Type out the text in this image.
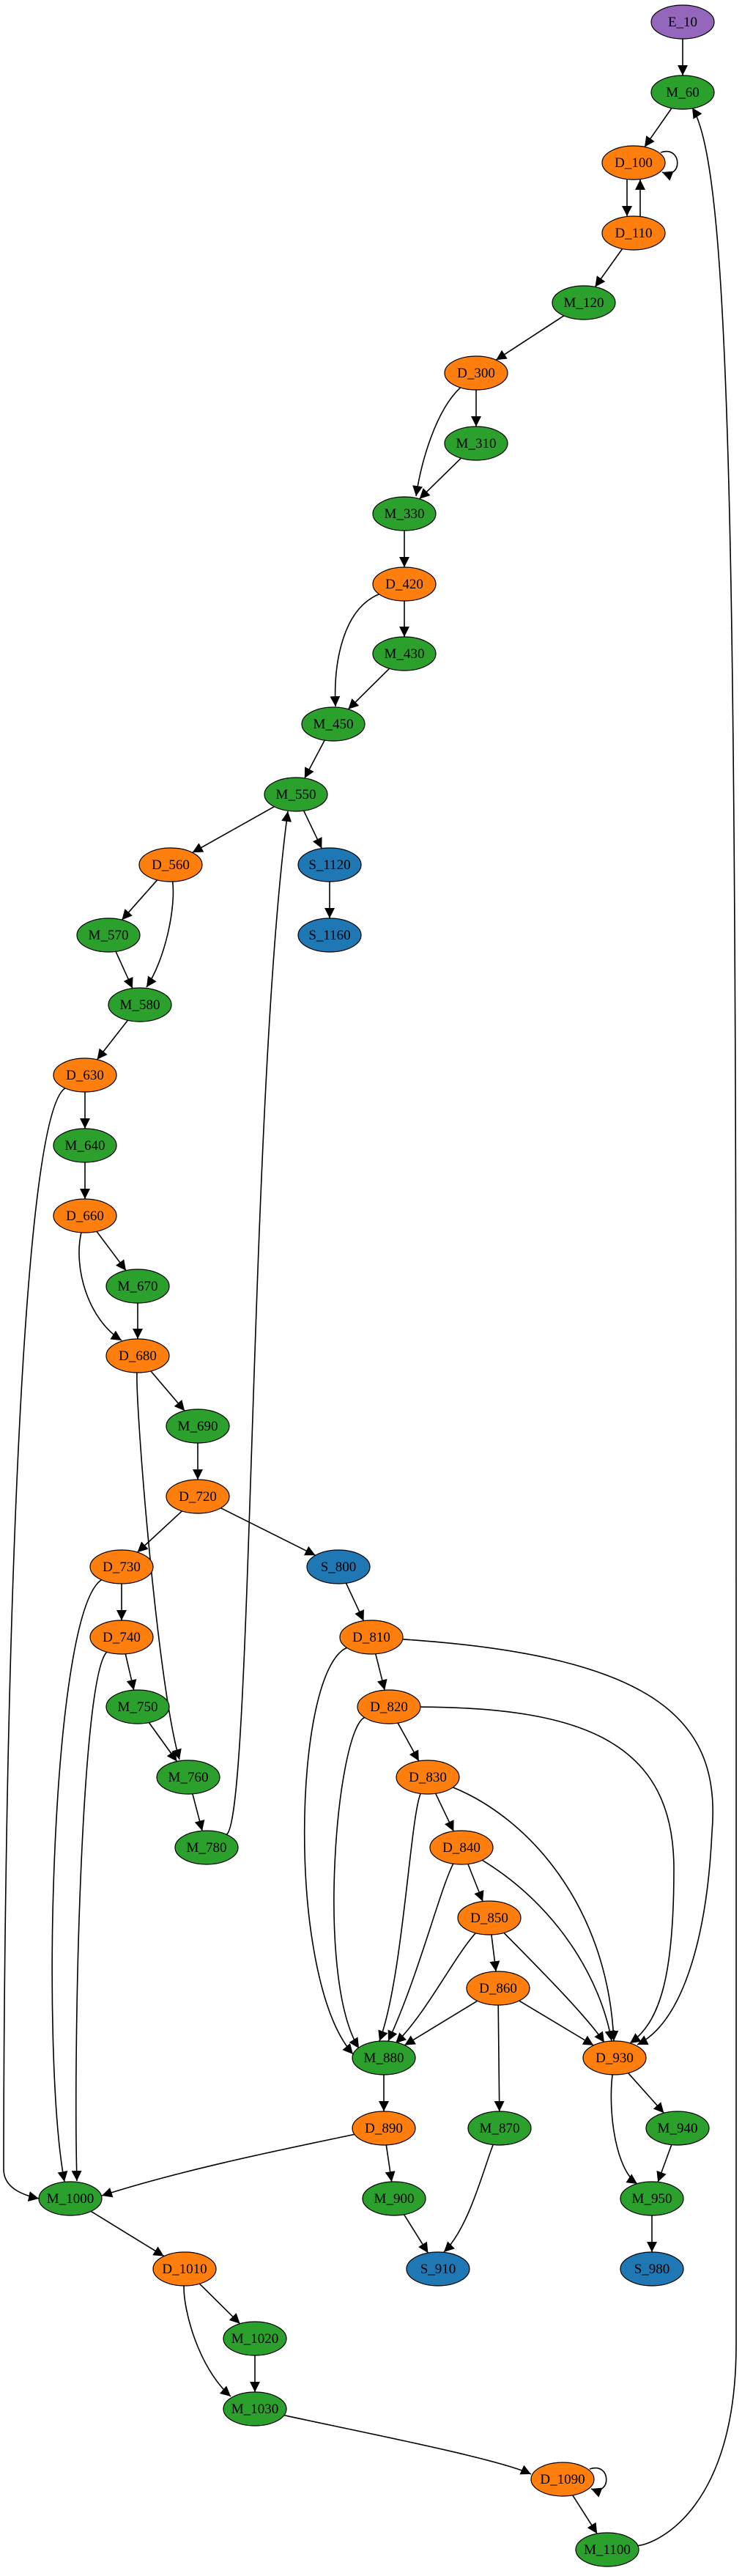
E_10
M_60
D_100
D_110
M_120
D_300
M_310
M_330
D_420
M_430
M_450
M_550
D_560	S_1120
M_570	S_1160
M_580
D_630
M_640
D_660
M_670
D_680
M_690
D_720
D_730	S_800
D_740	D_810
M_750	D_820
M_760	D_830
M_780	D_840
D_850
D_860
M_880	D_930
D_890	M_870	M_940
M_1000	M_900	M_950
D_1010	S_910	S_980
M_1020
M_1030
D_1090
M_1100
